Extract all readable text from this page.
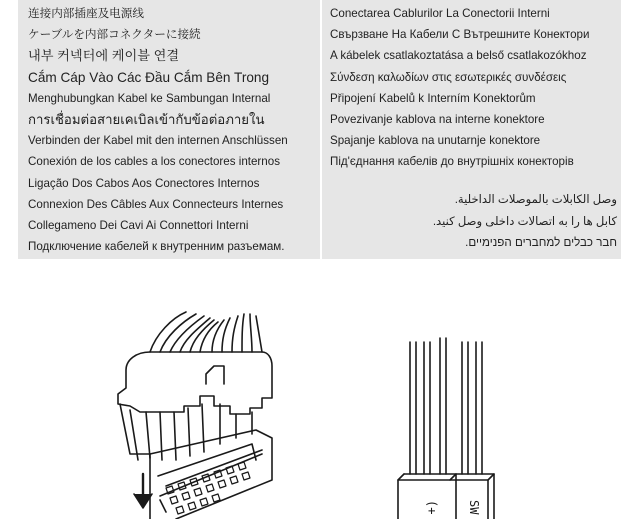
连接内部插座及电源线
ケーブルを内部コネクターに接続
내부 커넥터에 케이블 연결
Cắm Cáp Vào Các Đầu Cắm Bên Trong
Menghubungkan Kabel ke Sambungan Internal
การเชื่อมต่อสายเคเบิลเข้ากับข้อต่อภายใน
Verbinden der Kabel mit den internen Anschlüssen
Conexión de los cables a los conectores internos
Ligação Dos Cabos Aos Conectores Internos
Connexion Des Câbles Aux Connecteurs Internes
Collegameno Dei Cavi Ai Connettori Interni
Подключение кабелей к внутренним разъемам.
Conectarea Cablurilor La Conectorii Interni
Свързване На Кабели С Вътрешните Конектори
A kábelek csatlakoztatása a belső csatlakozókhoz
Σύνδεση καλωδίων στις εσωτερικές συνδέσεις
Připojení Kabelů k Interním Konektorům
Povezivanje kablova na interne konektore
Spajanje kablova na unutarnje konektore
Під'єднання кабелів до внутрішніх конекторів
وصل الكابلات بالموصلات الداخلية.
کابل ها را به اتصالات داخلی وصل کنید.
חבר כבלים למחברים הפנימיים.
(+ SW
